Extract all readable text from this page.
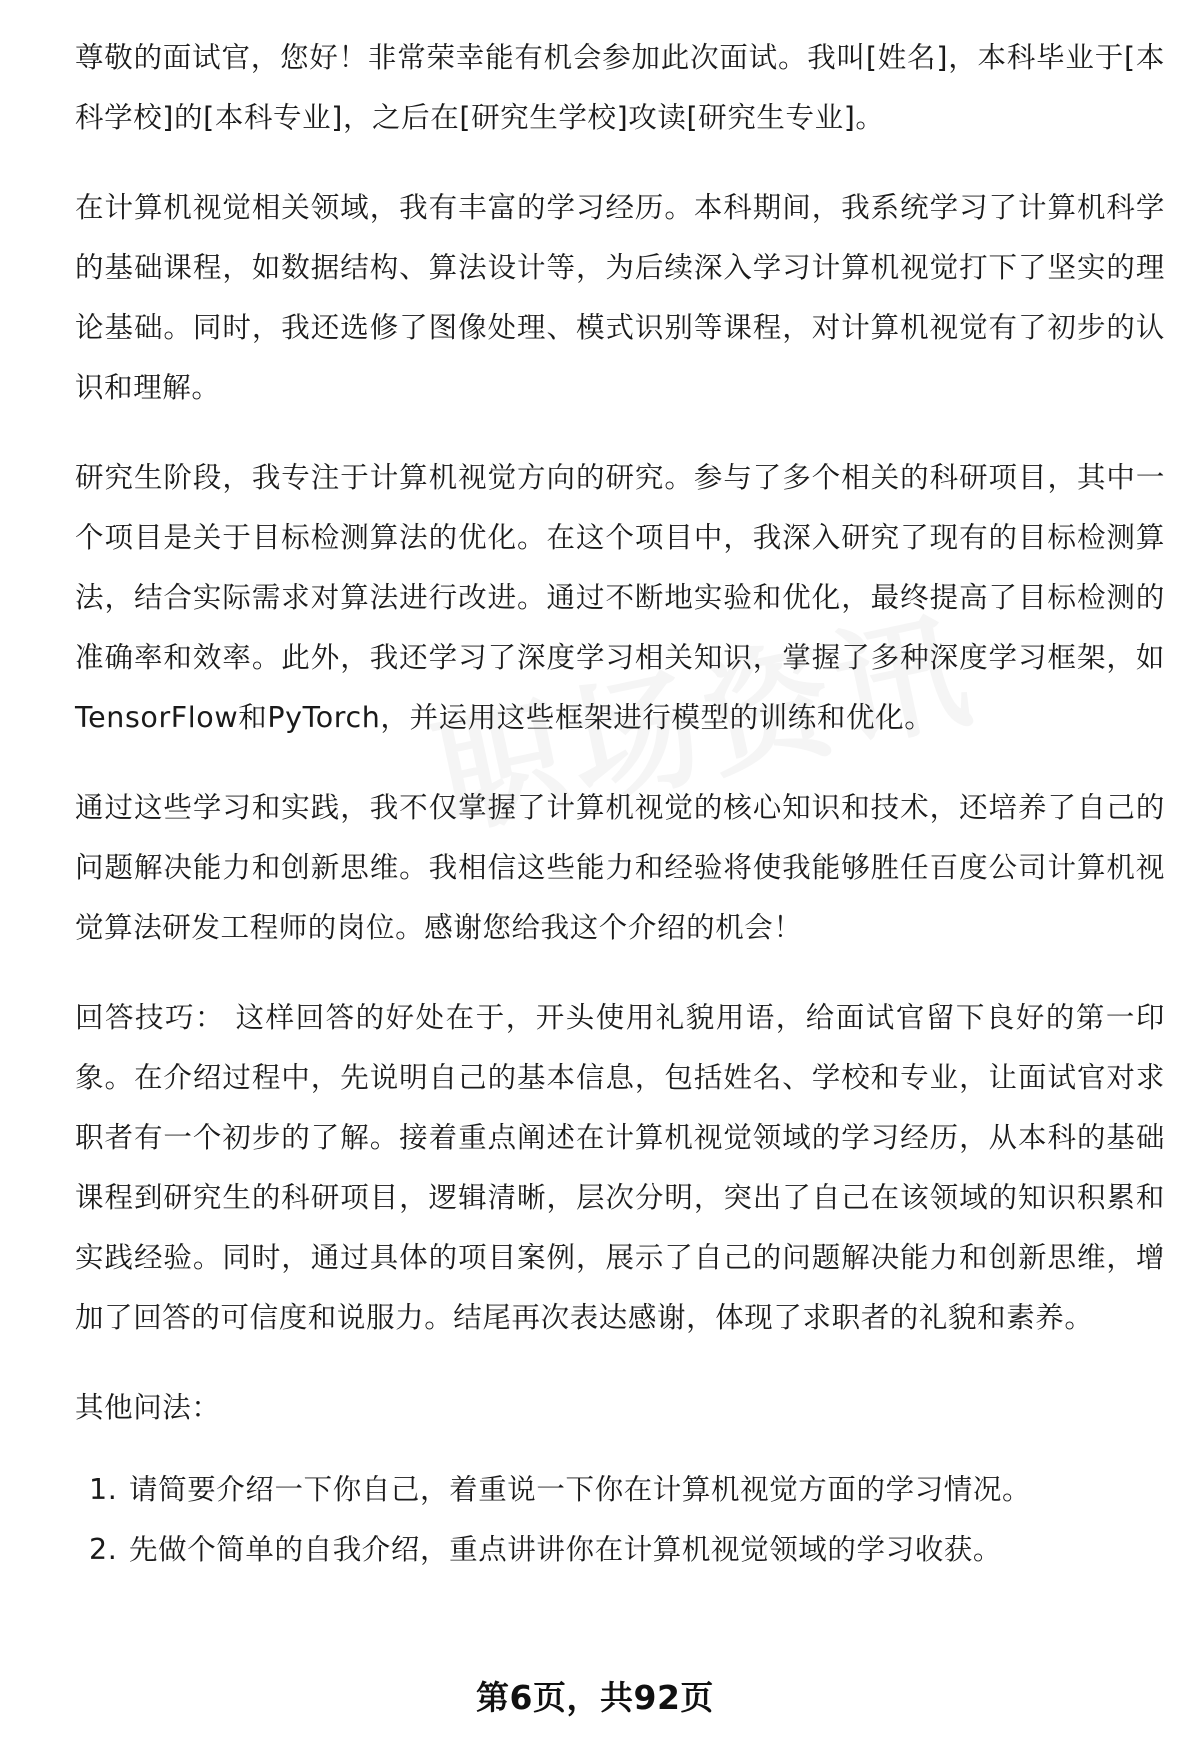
尊敬的面试官，您好！非常荣幸能有机会参加此次面试。我叫[姓名]，本科毕业于[本科学校]的[本科专业]，之后在[研究生学校]攻读[研究生专业]。

在计算机视觉相关领域，我有丰富的学习经历。本科期间，我系统学习了计算机科学的基础课程，如数据结构、算法设计等，为后续深入学习计算机视觉打下了坚实的理论基础。同时，我还选修了图像处理、模式识别等课程，对计算机视觉有了初步的认识和理解。

研究生阶段，我专注于计算机视觉方向的研究。参与了多个相关的科研项目，其中一个项目是关于目标检测算法的优化。在这个项目中，我深入研究了现有的目标检测算法，结合实际需求对算法进行改进。通过不断地实验和优化，最终提高了目标检测的准确率和效率。此外，我还学习了深度学习相关知识，掌握了多种深度学习框架，如TensorFlow和PyTorch，并运用这些框架进行模型的训练和优化。

通过这些学习和实践，我不仅掌握了计算机视觉的核心知识和技术，还培养了自己的问题解决能力和创新思维。我相信这些能力和经验将使我能够胜任百度公司计算机视觉算法研发工程师的岗位。感谢您给我这个介绍的机会！

回答技巧： 这样回答的好处在于，开头使用礼貌用语，给面试官留下良好的第一印象。在介绍过程中，先说明自己的基本信息，包括姓名、学校和专业，让面试官对求职者有一个初步的了解。接着重点阐述在计算机视觉领域的学习经历，从本科的基础课程到研究生的科研项目，逻辑清晰，层次分明，突出了自己在该领域的知识积累和实践经验。同时，通过具体的项目案例，展示了自己的问题解决能力和创新思维，增加了回答的可信度和说服力。结尾再次表达感谢，体现了求职者的礼貌和素养。

其他问法：

1. 请简要介绍一下你自己，着重说一下你在计算机视觉方面的学习情况。
2. 先做个简单的自我介绍，重点讲讲你在计算机视觉领域的学习收获。
第6页，共92页
